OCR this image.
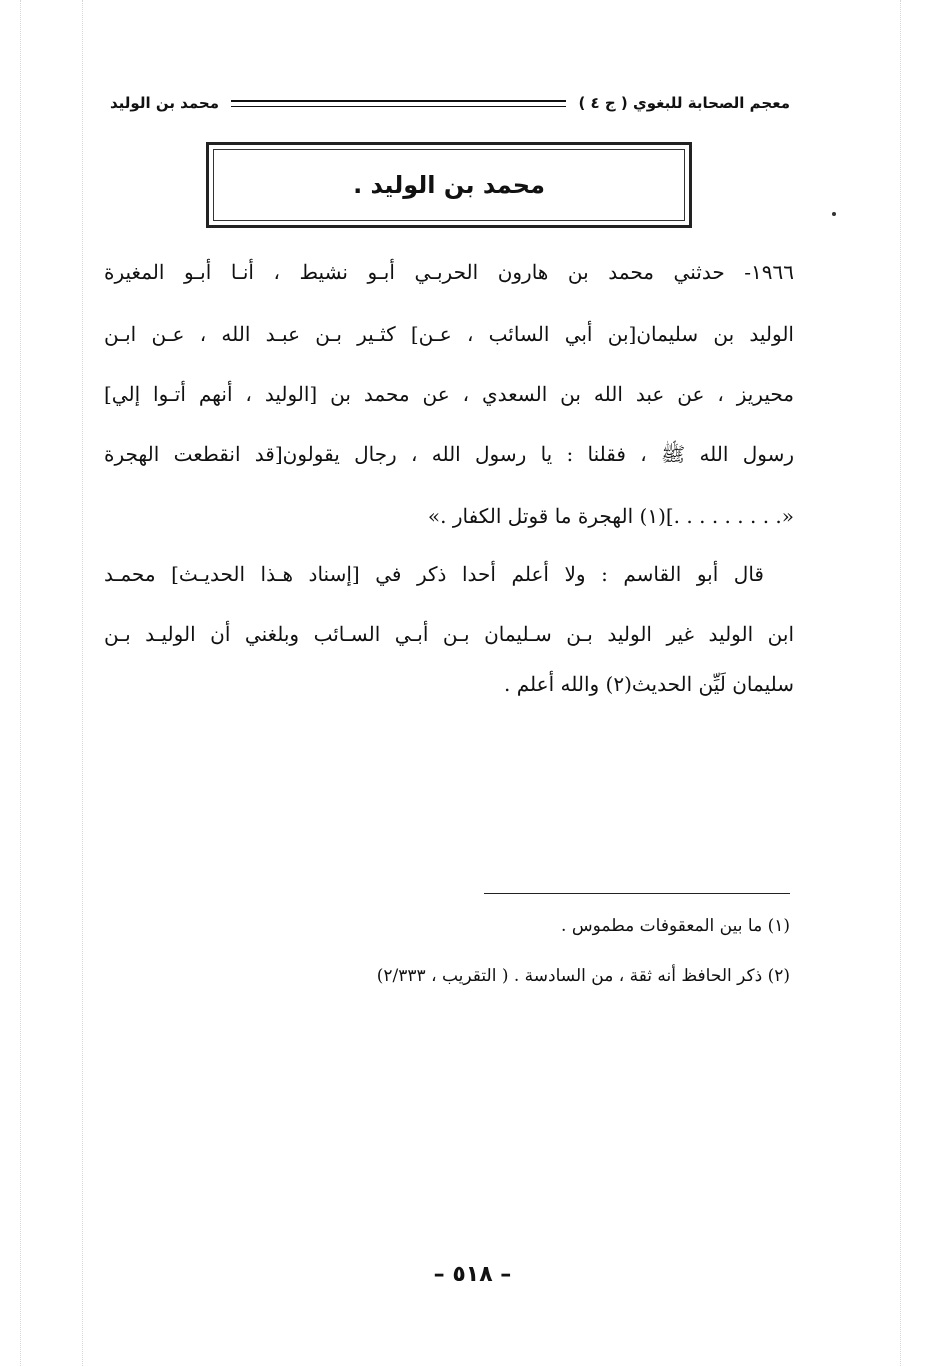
معجم الصحابة للبغوي ( ج ٤ )
محمد بن الوليد
محمد بن الوليد .
١٩٦٦- حدثني محمد بن هارون الحربـي أبـو نشيط ، أنـا أبـو المغيرة
الوليد بن سليمان[بن أبي السائب ، عـن] كثـير بـن عبـد الله ، عـن ابـن
محيريز ، عن عبد الله بن السعدي ، عن محمد بن [الوليد ، أنهم أتـوا إلي]
رسول الله ﷺ ، فقلنا : يا رسول الله ، رجال يقولون[قد انقطعت الهجرة
«. . . . . . . . .](١) الهجرة ما قوتل الكفار .»
قال أبو القاسم : ولا أعلم أحدا ذكر في [إسناد هـذا الحديـث] محمـد
ابن الوليد غير الوليد بـن سـليمان بـن أبـي السـائب وبلغني أن الوليـد بـن
سليمان لَيِّن الحديث(٢) والله أعلم .
(١) ما بين المعقوفات مطموس .
(٢) ذكر الحافظ أنه ثقة ، من السادسة . ( التقريب ، ٢/٣٣٣)
– ٥١٨ –
